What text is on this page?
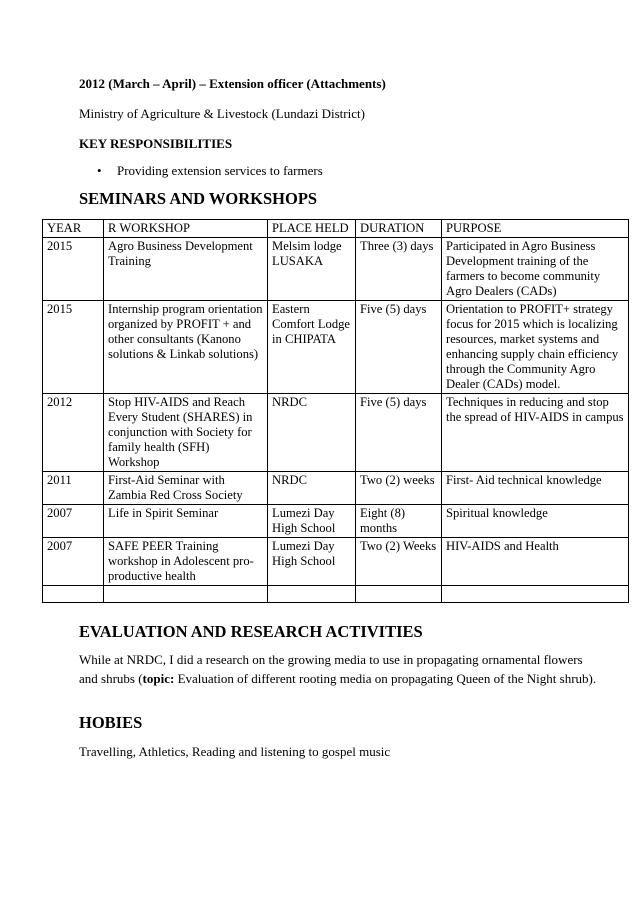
2012 (March – April) – Extension officer (Attachments)
Ministry of Agriculture & Livestock (Lundazi District)
KEY RESPONSIBILITIES
• Providing extension services to farmers
SEMINARS AND WORKSHOPS
YEAR	R WORKSHOP	PLACE HELD	DURATION	PURPOSE
2015	Agro Business Development Training	Melsim lodge LUSAKA	Three (3) days	Participated in Agro Business Development training of the farmers to become community Agro Dealers (CADs)
2015	Internship program orientation organized by PROFIT + and other consultants (Kanono solutions & Linkab solutions)	Eastern Comfort Lodge in CHIPATA	Five (5) days	Orientation to PROFIT+ strategy focus for 2015 which is localizing resources, market systems and enhancing supply chain efficiency through the Community Agro Dealer (CADs) model.
2012	Stop HIV-AIDS and Reach Every Student (SHARES) in conjunction with Society for family health (SFH) Workshop	NRDC	Five (5) days	Techniques in reducing and stop the spread of HIV-AIDS in campus
2011	First-Aid Seminar with Zambia Red Cross Society	NRDC	Two (2) weeks	First- Aid technical knowledge
2007	Life in Spirit Seminar	Lumezi Day High School	Eight (8) months	Spiritual knowledge
2007	SAFE PEER Training workshop in Adolescent pro-productive health	Lumezi Day High School	Two (2) Weeks	HIV-AIDS and Health

EVALUATION AND RESEARCH ACTIVITIES
While at NRDC, I did a research on the growing media to use in propagating ornamental flowers and shrubs (topic: Evaluation of different rooting media on propagating Queen of the Night shrub).
HOBIES
Travelling, Athletics, Reading and listening to gospel music
